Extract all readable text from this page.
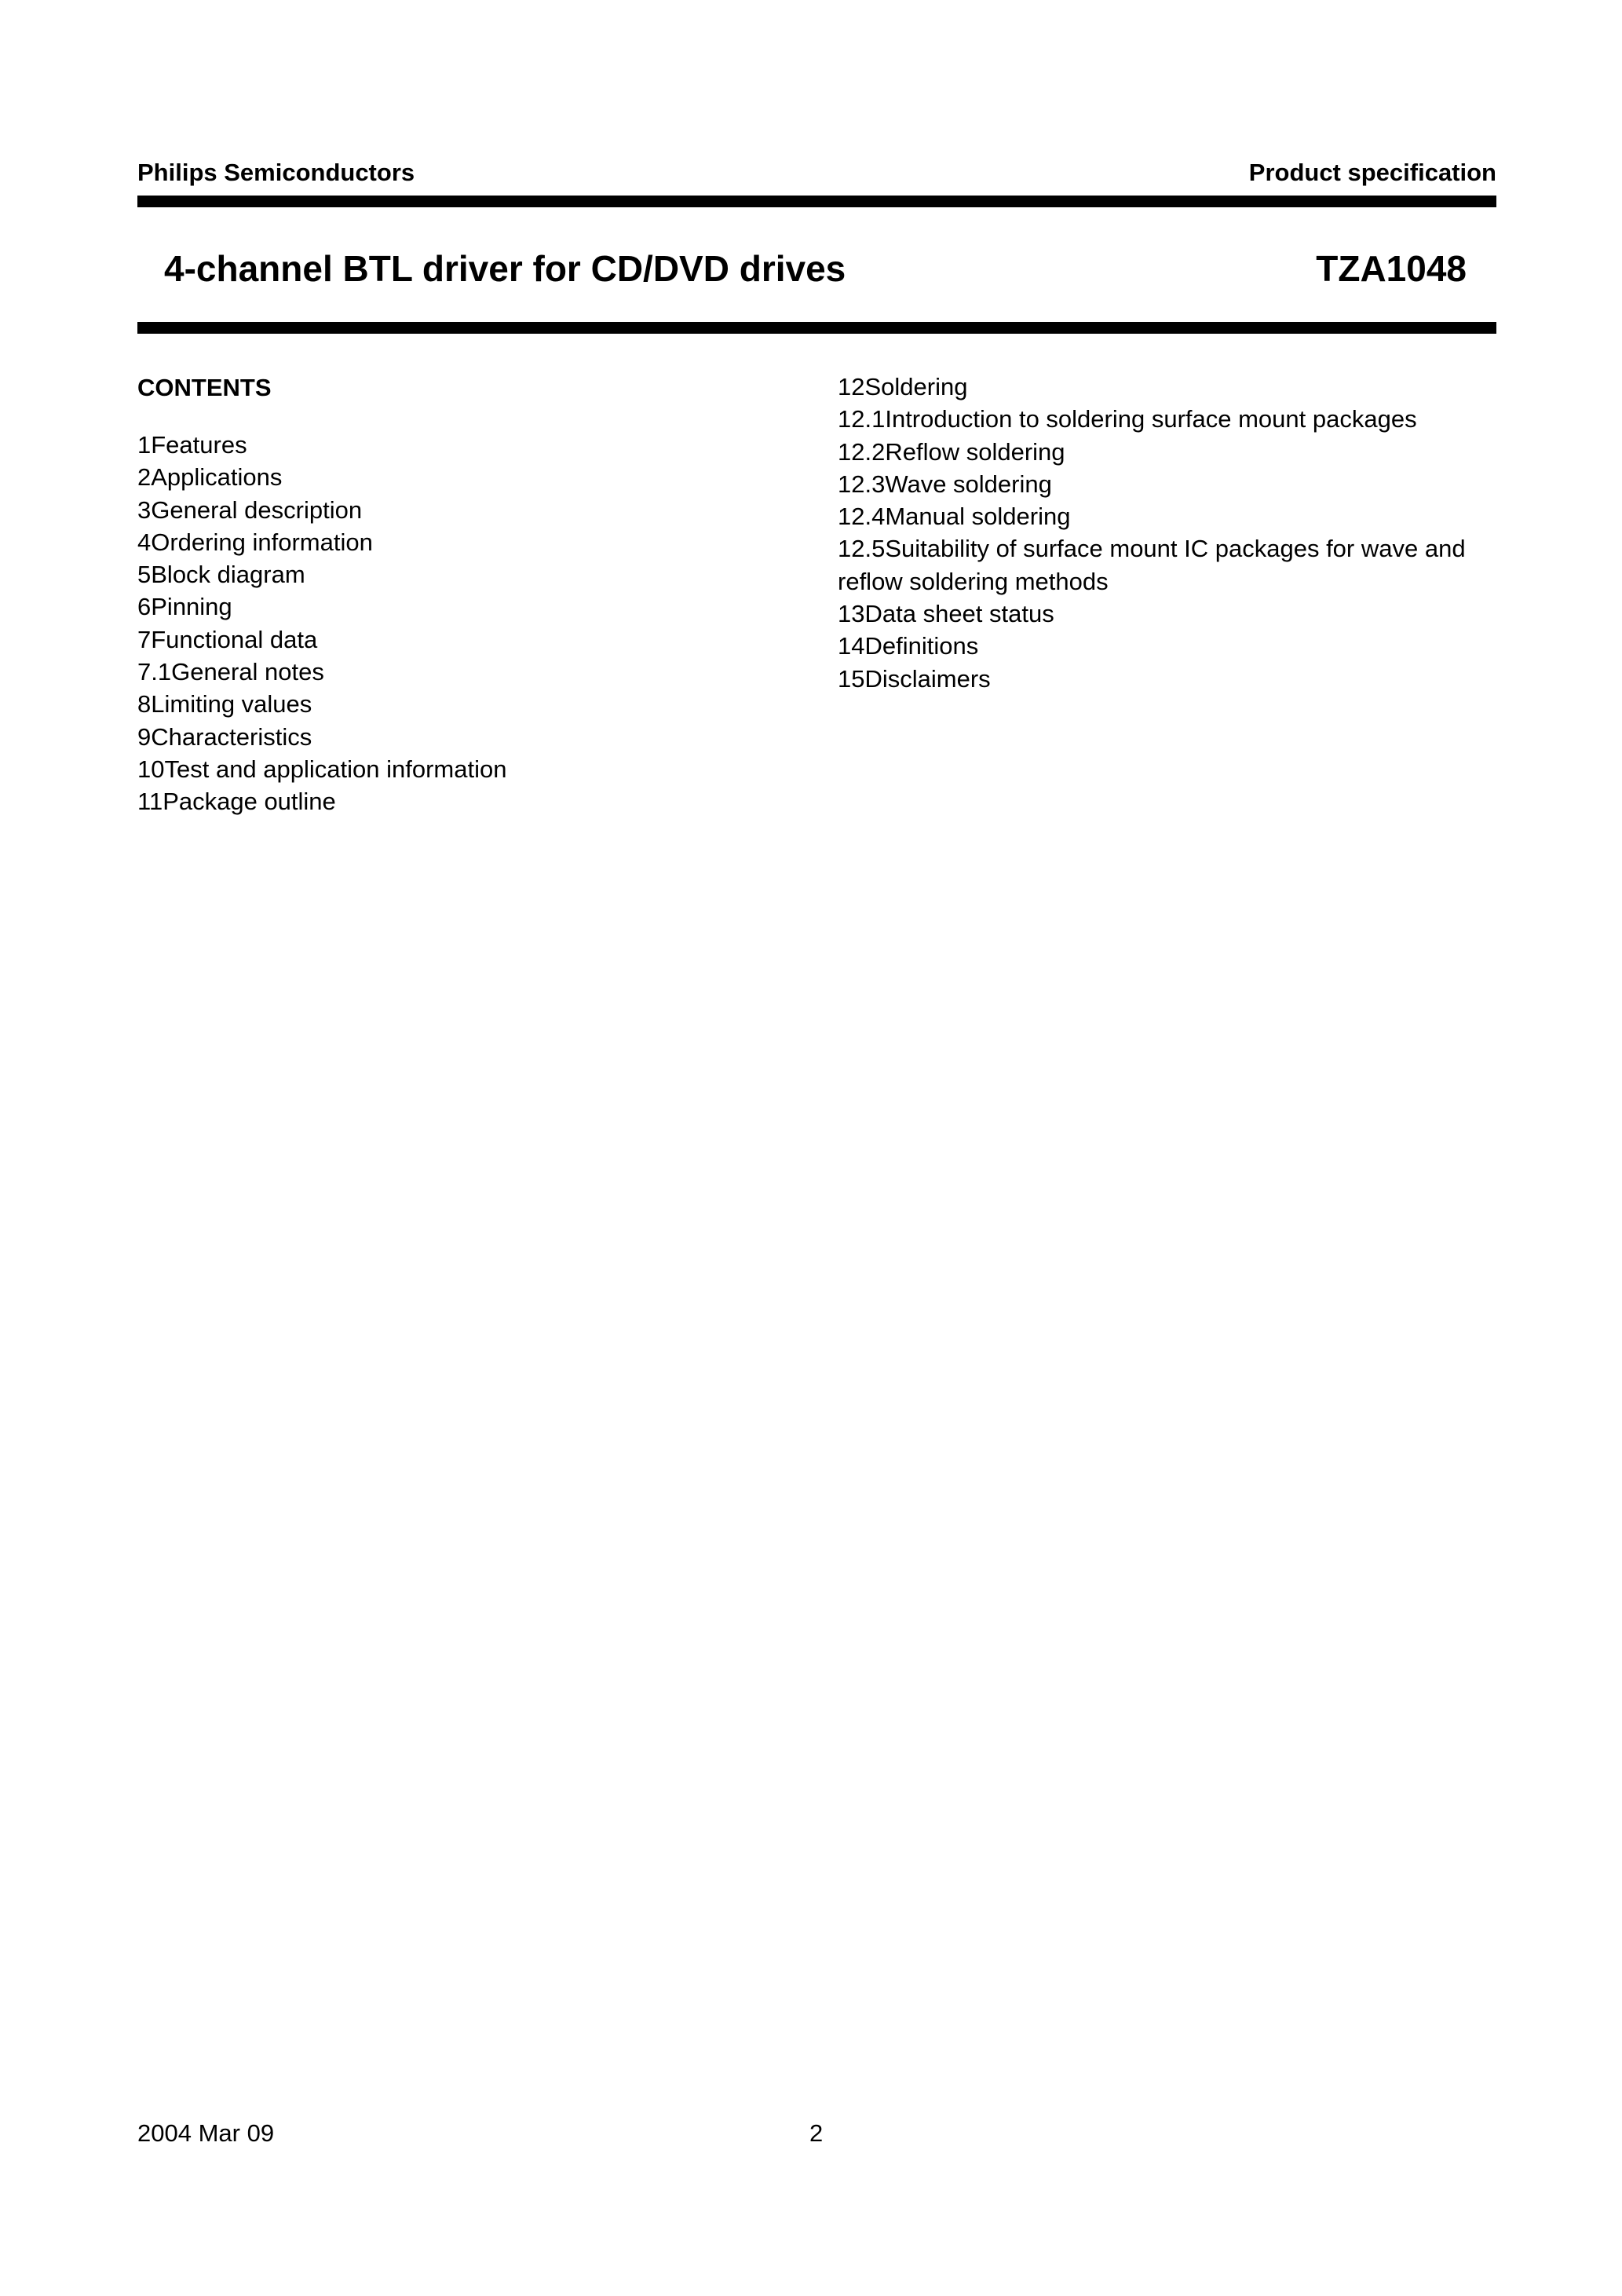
Philips Semiconductors	Product specification
4-channel BTL driver for CD/DVD drives	TZA1048
CONTENTS
1Features
2Applications
3General description
4Ordering information
5Block diagram
6Pinning
7Functional data
7.1General notes
8Limiting values
9Characteristics
10Test and application information
11Package outline
12Soldering
12.1Introduction to soldering surface mount packages
12.2Reflow soldering
12.3Wave soldering
12.4Manual soldering
12.5Suitability of surface mount IC packages for wave and reflow soldering methods
13Data sheet status
14Definitions
15Disclaimers
2004 Mar 09	2
